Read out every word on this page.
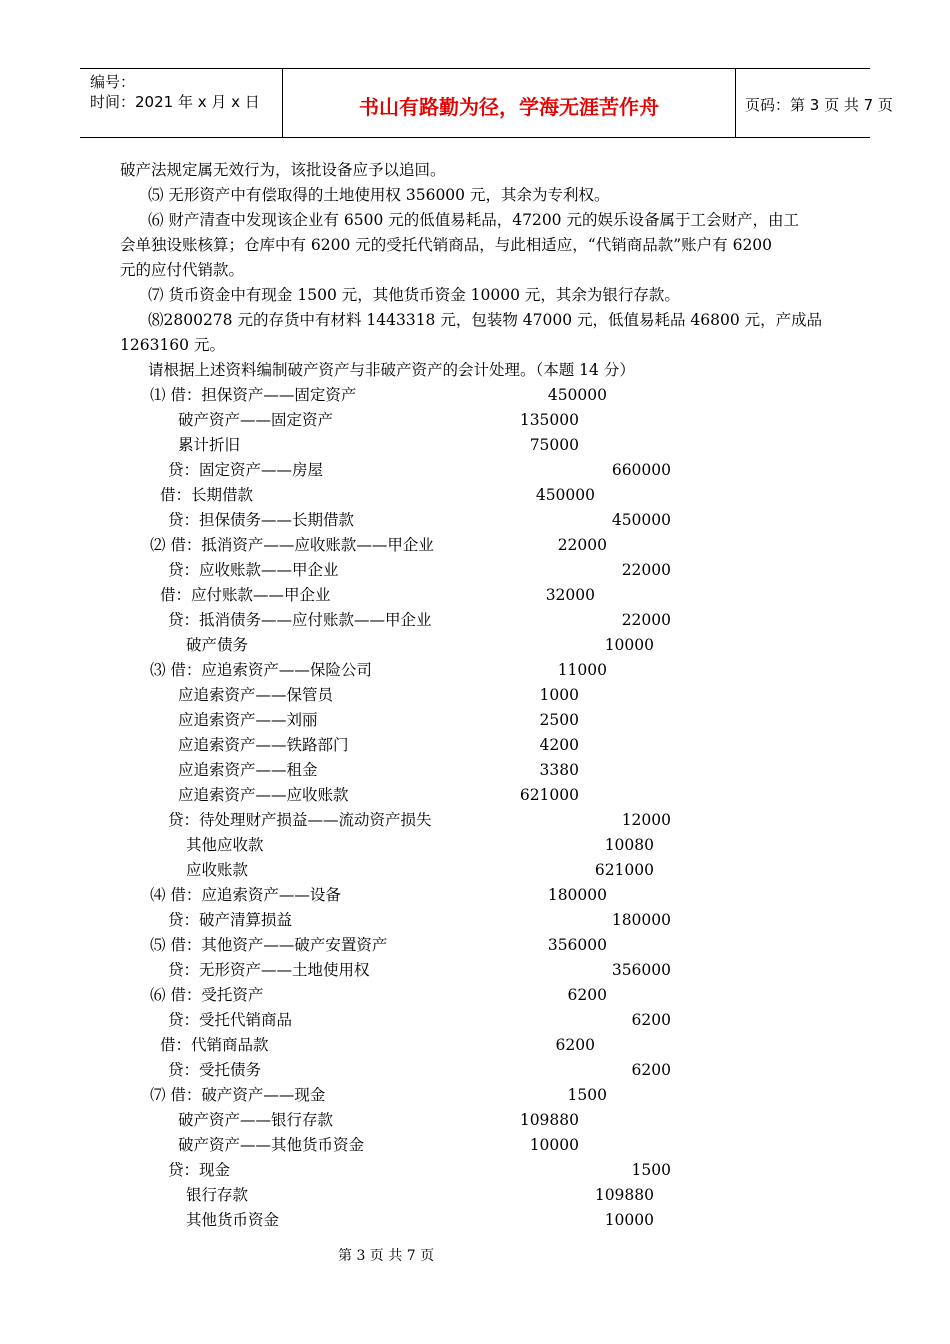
编号：
时间：2021 年 x 月 x 日	书山有路勤为径，学海无涯苦作舟	页码：第 3 页 共 7 页
破产法规定属无效行为，该批设备应予以追回。
⑸ 无形资产中有偿取得的土地使用权 356000 元，其余为专利权。
⑹ 财产清查中发现该企业有 6500 元的低值易耗品，47200 元的娱乐设备属于工会财产，由工
会单独设账核算；仓库中有 6200 元的受托代销商品，与此相适应，“代销商品款”账户有 6200
元的应付代销款。
⑺ 货币资金中有现金 1500 元，其他货币资金 10000 元，其余为银行存款。
⑻2800278 元的存货中有材料 1443318 元，包装物 47000 元，低值易耗品 46800 元，产成品
1263160 元。
请根据上述资料编制破产资产与非破产资产的会计处理。（本题 14 分）
⑴ 借：担保资产——固定资产	450000
破产资产——固定资产	135000
累计折旧	75000
贷：固定资产——房屋	660000
借：长期借款	450000
贷：担保债务——长期借款	450000
⑵ 借：抵消资产——应收账款——甲企业	22000
贷：应收账款——甲企业	22000
借：应付账款——甲企业	32000
贷：抵消债务——应付账款——甲企业	22000
破产债务	10000
⑶ 借：应追索资产——保险公司	11000
应追索资产——保管员	1000
应追索资产——刘丽	2500
应追索资产——铁路部门	4200
应追索资产——租金	3380
应追索资产——应收账款	621000
贷：待处理财产损益——流动资产损失	12000
其他应收款	10080
应收账款	621000
⑷ 借：应追索资产——设备	180000
贷：破产清算损益	180000
⑸ 借：其他资产——破产安置资产	356000
贷：无形资产——土地使用权	356000
⑹ 借：受托资产	6200
贷：受托代销商品	6200
借：代销商品款	6200
贷：受托债务	6200
⑺ 借：破产资产——现金	1500
破产资产——银行存款	109880
破产资产——其他货币资金	10000
贷：现金	1500
银行存款	109880
其他货币资金	10000
第 3 页 共 7 页
